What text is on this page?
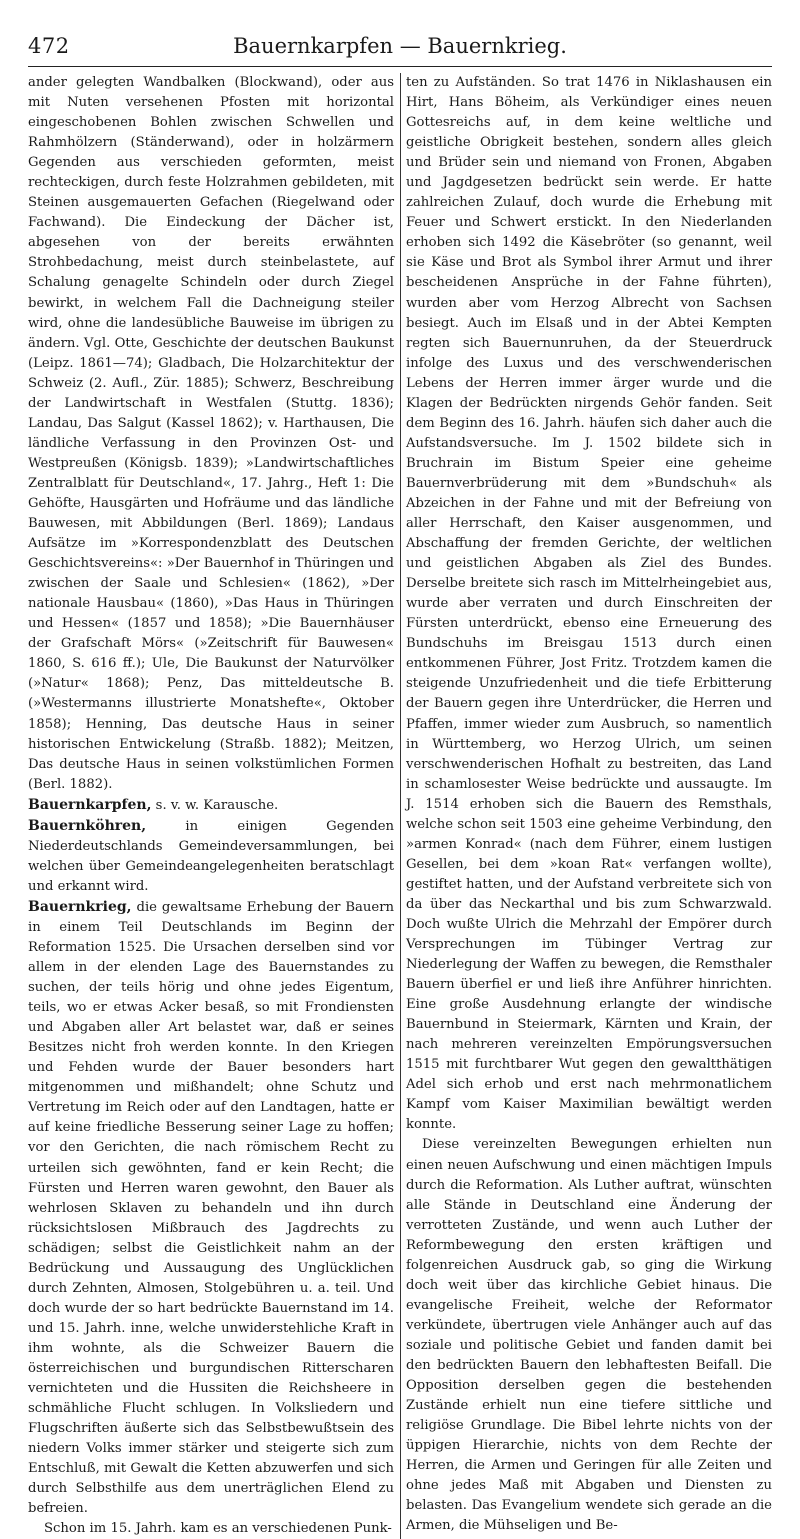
472	Bauernkarpfen — Bauernkrieg.

ander gelegten Wandbalken (Blockwand), oder aus mit Nuten versehenen Pfosten mit horizontal eingeschobenen Bohlen zwischen Schwellen und Rahmhölzern (Ständerwand), oder in holzärmern Gegenden aus verschieden geformten, meist rechteckigen, durch feste Holzrahmen gebildeten, mit Steinen ausgemauerten Gefachen (Riegelwand oder Fachwand). Die Eindeckung der Dächer ist, abgesehen von der bereits erwähnten Strohbedachung, meist durch steinbelastete, auf Schalung genagelte Schindeln oder durch Ziegel bewirkt, in welchem Fall die Dachneigung steiler wird, ohne die landesübliche Bauweise im übrigen zu ändern. Vgl. Otte, Geschichte der deutschen Baukunst (Leipz. 1861—74); Gladbach, Die Holzarchitektur der Schweiz (2. Aufl., Zür. 1885); Schwerz, Beschreibung der Landwirtschaft in Westfalen (Stuttg. 1836); Landau, Das Salgut (Kassel 1862); v. Harthausen, Die ländliche Verfassung in den Provinzen Ost- und Westpreußen (Königsb. 1839); »Landwirtschaftliches Zentralblatt für Deutschland«, 17. Jahrg., Heft 1: Die Gehöfte, Hausgärten und Hofräume und das ländliche Bauwesen, mit Abbildungen (Berl. 1869); Landaus Aufsätze im »Korrespondenzblatt des Deutschen Geschichtsvereins«: »Der Bauernhof in Thüringen und zwischen der Saale und Schlesien« (1862), »Der nationale Hausbau« (1860), »Das Haus in Thüringen und Hessen« (1857 und 1858); »Die Bauernhäuser der Grafschaft Mörs« (»Zeitschrift für Bauwesen« 1860, S. 616 ff.); Ule, Die Baukunst der Naturvölker (»Natur« 1868); Penz, Das mitteldeutsche B. (»Westermanns illustrierte Monatshefte«, Oktober 1858); Henning, Das deutsche Haus in seiner historischen Entwickelung (Straßb. 1882); Meitzen, Das deutsche Haus in seinen volkstümlichen Formen (Berl. 1882).

Bauernkarpfen, s. v. w. Karausche.

Bauernköhren,	in einigen Gegenden Niederdeutschlands Gemeindeversammlungen, bei welchen über Gemeindeangelegenheiten beratschlagt und erkannt wird.

Bauernkrieg, die gewaltsame Erhebung der Bauern in einem Teil Deutschlands im Beginn der Reformation 1525. Die Ursachen derselben sind vor allem in der elenden Lage des Bauernstandes zu suchen, der teils hörig und ohne jedes Eigentum, teils, wo er etwas Acker besaß, so mit Frondiensten und Abgaben aller Art belastet war, daß er seines Besitzes nicht froh werden konnte. In den Kriegen und Fehden wurde der Bauer besonders hart mitgenommen und mißhandelt; ohne Schutz und Vertretung im Reich oder auf den Landtagen, hatte er auf keine friedliche Besserung seiner Lage zu hoffen; vor den Gerichten, die nach römischem Recht zu urteilen sich gewöhnten, fand er kein Recht; die Fürsten und Herren waren gewohnt, den Bauer als wehrlosen Sklaven zu behandeln und ihn durch rücksichtslosen Mißbrauch des Jagdrechts zu schädigen; selbst die Geistlichkeit nahm an der Bedrückung und Aussaugung des Unglücklichen durch Zehnten, Almosen, Stolgebühren u. a. teil. Und doch wurde der so hart bedrückte Bauernstand im 14. und 15. Jahrh. inne, welche unwiderstehliche Kraft in ihm wohnte, als die Schweizer Bauern die österreichischen und burgundischen Ritterscharen vernichteten und die Hussiten die Reichsheere in schmähliche Flucht schlugen. In Volksliedern und Flugschriften äußerte sich das Selbstbewußtsein des niedern Volks immer stärker und steigerte sich zum Entschluß, mit Gewalt die Ketten abzuwerfen und sich durch Selbsthilfe aus dem unerträglichen Elend zu befreien.

Schon im 15. Jahrh. kam es an verschiedenen Punk-

ten zu Aufständen. So trat 1476 in Niklashausen ein Hirt, Hans Böheim, als Verkündiger eines neuen Gottesreichs auf, in dem keine weltliche und geistliche Obrigkeit bestehen, sondern alles gleich und Brüder sein und niemand von Fronen, Abgaben und Jagdgesetzen bedrückt sein werde. Er hatte zahlreichen Zulauf, doch wurde die Erhebung mit Feuer und Schwert erstickt. In den Niederlanden erhoben sich 1492 die Käsebröter (so genannt, weil sie Käse und Brot als Symbol ihrer Armut und ihrer bescheidenen Ansprüche in der Fahne führten), wurden aber vom Herzog Albrecht von Sachsen besiegt. Auch im Elsaß und in der Abtei Kempten regten sich Bauernunruhen, da der Steuerdruck infolge des Luxus und des verschwenderischen Lebens der Herren immer ärger wurde und die Klagen der Bedrückten nirgends Gehör fanden. Seit dem Beginn des 16. Jahrh. häufen sich daher auch die Aufstandsversuche. Im J. 1502 bildete sich in Bruchrain im Bistum Speier eine geheime Bauernverbrüderung mit dem »Bundschuh« als Abzeichen in der Fahne und mit der Befreiung von aller Herrschaft, den Kaiser ausgenommen, und Abschaffung der fremden Gerichte, der weltlichen und geistlichen Abgaben als Ziel des Bundes. Derselbe breitete sich rasch im Mittelrheingebiet aus, wurde aber verraten und durch Einschreiten der Fürsten unterdrückt, ebenso eine Erneuerung des Bundschuhs im Breisgau 1513 durch einen entkommenen Führer, Jost Fritz. Trotzdem kamen die steigende Unzufriedenheit und die tiefe Erbitterung der Bauern gegen ihre Unterdrücker, die Herren und Pfaffen, immer wieder zum Ausbruch, so namentlich in Württemberg, wo Herzog Ulrich, um seinen verschwenderischen Hofhalt zu bestreiten, das Land in schamlosester Weise bedrückte und aussaugte. Im J. 1514 erhoben sich die Bauern des Remsthals, welche schon seit 1503 eine geheime Verbindung, den »armen Konrad« (nach dem Führer, einem lustigen Gesellen, bei dem »koan Rat« verfangen wollte), gestiftet hatten, und der Aufstand verbreitete sich von da über das Neckarthal und bis zum Schwarzwald. Doch wußte Ulrich die Mehrzahl der Empörer durch Versprechungen im Tübinger Vertrag zur Niederlegung der Waffen zu bewegen, die Remsthaler Bauern überfiel er und ließ ihre Anführer hinrichten. Eine große Ausdehnung erlangte der windische Bauernbund in Steiermark, Kärnten und Krain, der nach mehreren vereinzelten Empörungsversuchen 1515 mit furchtbarer Wut gegen den gewaltthätigen Adel sich erhob und erst nach mehrmonatlichem Kampf vom Kaiser Maximilian bewältigt werden konnte.

Diese vereinzelten Bewegungen erhielten nun einen neuen Aufschwung und einen mächtigen Impuls durch die Reformation. Als Luther auftrat, wünschten alle Stände in Deutschland eine Änderung der verrotteten Zustände, und wenn auch Luther der Reformbewegung den ersten kräftigen und folgenreichen Ausdruck gab, so ging die Wirkung doch weit über das kirchliche Gebiet hinaus. Die evangelische Freiheit, welche der Reformator verkündete, übertrugen viele Anhänger auch auf das soziale und politische Gebiet und fanden damit bei den bedrückten Bauern den lebhaftesten Beifall. Die Opposition derselben gegen die bestehenden Zustände erhielt nun eine tiefere sittliche und religiöse Grundlage. Die Bibel lehrte nichts von der üppigen Hierarchie, nichts von dem Rechte der Herren, die Armen und Geringen für alle Zeiten und ohne jedes Maß mit Abgaben und Diensten zu belasten. Das Evangelium wendete sich gerade an die Armen, die Mühseligen und Be-
